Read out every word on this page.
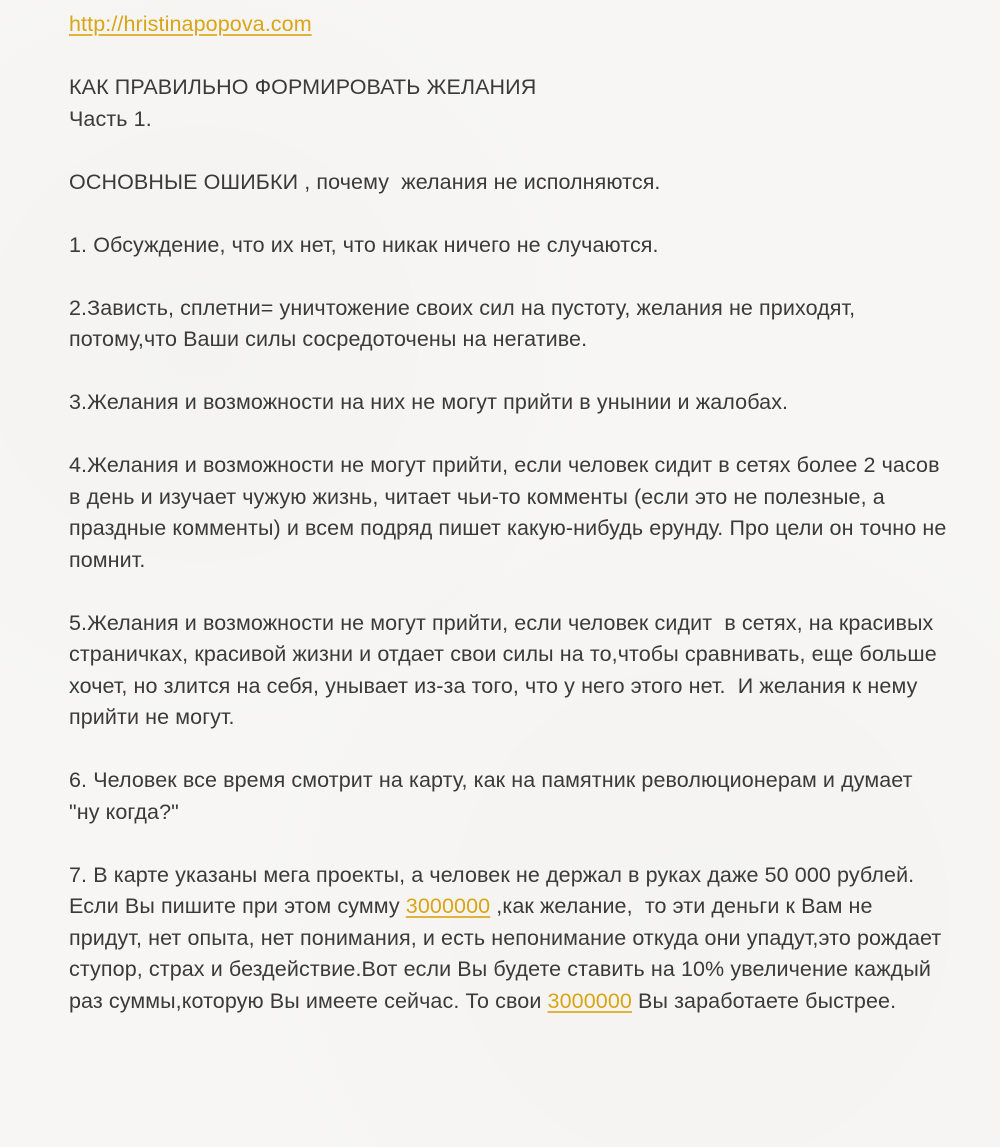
http://hristinapopova.com

КАК ПРАВИЛЬНО ФОРМИРОВАТЬ ЖЕЛАНИЯ

Часть 1.

ОСНОВНЫЕ ОШИБКИ , почему  желания не исполняются.

1. Обсуждение, что их нет, что никак ничего не случаются.

2.Зависть, сплетни= уничтожение своих сил на пустоту, желания не приходят, потому,что Ваши силы сосредоточены на негативе.

3.Желания и возможности на них не могут прийти в унынии и жалобах.

4.Желания и возможности не могут прийти, если человек сидит в сетях более 2 часов в день и изучает чужую жизнь, читает чьи-то комменты (если это не полезные, а праздные комменты) и всем подряд пишет какую-нибудь ерунду. Про цели он точно не помнит.

5.Желания и возможности не могут прийти, если человек сидит  в сетях, на красивых страничках, красивой жизни и отдает свои силы на то,чтобы сравнивать, еще больше хочет, но злится на себя, унывает из-за того, что у него этого нет.  И желания к нему прийти не могут.

6. Человек все время смотрит на карту, как на памятник революционерам и думает "ну когда?"

7. В карте указаны мега проекты, а человек не держал в руках даже 50 000 рублей. Если Вы пишите при этом сумму 3000000 ,как желание,  то эти деньги к Вам не придут, нет опыта, нет понимания, и есть непонимание откуда они упадут,это рождает ступор, страх и бездействие.Вот если Вы будете ставить на 10% увеличение каждый раз суммы,которую Вы имеете сейчас. То свои 3000000 Вы заработаете быстрее.
